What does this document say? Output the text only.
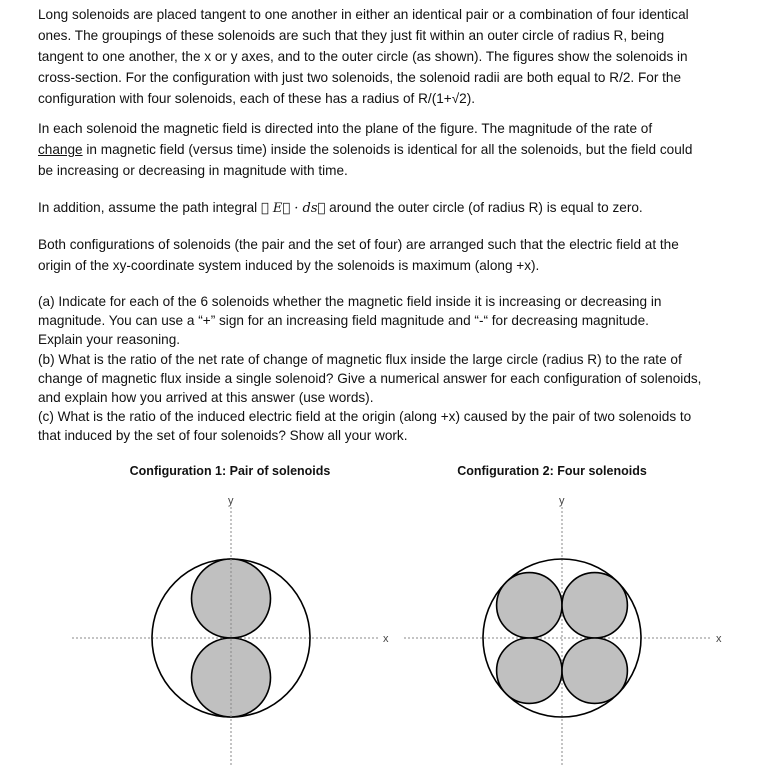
Long solenoids are placed tangent to one another in either an identical pair or a combination of four identical
ones. The groupings of these solenoids are such that they just fit within an outer circle of radius R, being
tangent to one another, the x or y axes, and to the outer circle (as shown). The figures show the solenoids in
cross-section. For the configuration with just two solenoids, the solenoid radii are both equal to R/2. For the
configuration with four solenoids, each of these has a radius of R/(1+√2).
In each solenoid the magnetic field is directed into the plane of the figure. The magnitude of the rate of
change in magnetic field (versus time) inside the solenoids is identical for all the solenoids, but the field could
be increasing or decreasing in magnitude with time.
In addition, assume the path integral ∮ E⃗ · ds⃗ around the outer circle (of radius R) is equal to zero.
Both configurations of solenoids (the pair and the set of four) are arranged such that the electric field at the
origin of the xy-coordinate system induced by the solenoids is maximum (along +x).
(a) Indicate for each of the 6 solenoids whether the magnetic field inside it is increasing or decreasing in
magnitude. You can use a “+” sign for an increasing field magnitude and “-“ for decreasing magnitude.
Explain your reasoning.
(b) What is the ratio of the net rate of change of magnetic flux inside the large circle (radius R) to the rate of
change of magnetic flux inside a single solenoid? Give a numerical answer for each configuration of solenoids,
and explain how you arrived at this answer (use words).
(c) What is the ratio of the induced electric field at the origin (along +x) caused by the pair of two solenoids to
that induced by the set of four solenoids? Show all your work.
Configuration 1: Pair of solenoids	Configuration 2: Four solenoids
x
y
x
y
